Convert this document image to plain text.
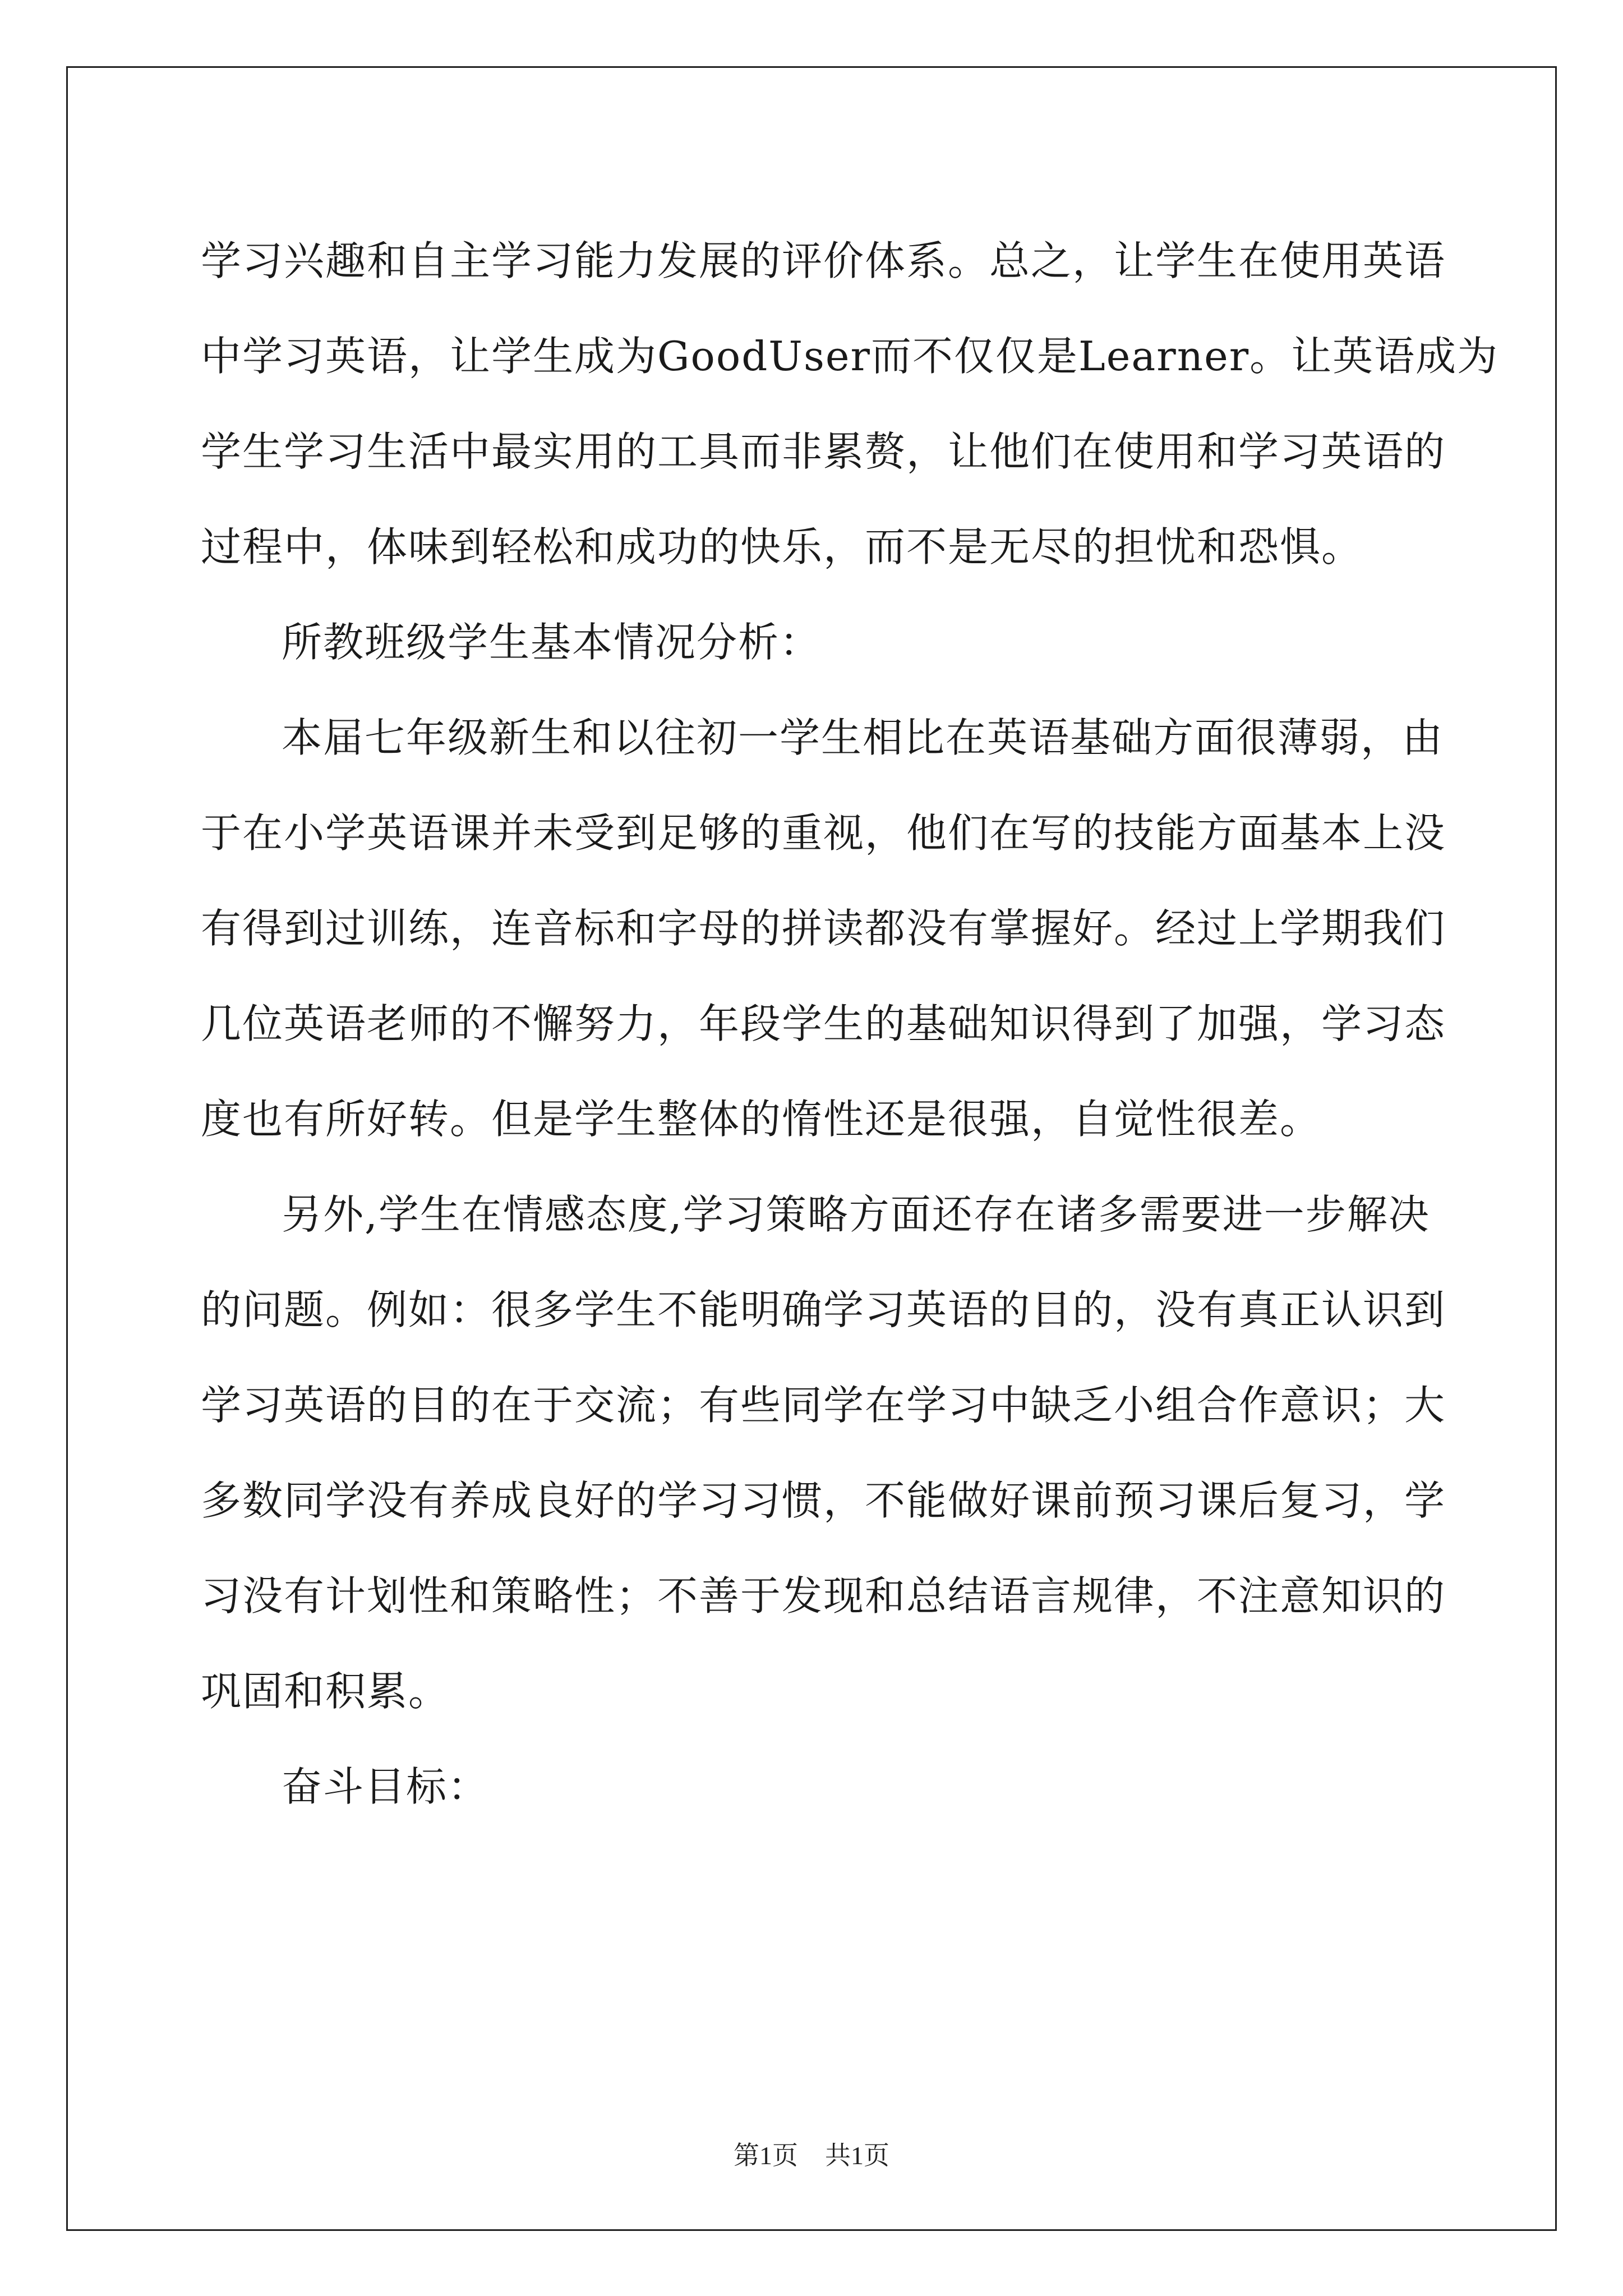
学习兴趣和自主学习能力发展的评价体系。总之，让学生在使用英语
中学习英语，让学生成为GoodUser而不仅仅是Learner。让英语成为
学生学习生活中最实用的工具而非累赘，让他们在使用和学习英语的
过程中，体味到轻松和成功的快乐，而不是无尽的担忧和恐惧。
所教班级学生基本情况分析：
本届七年级新生和以往初一学生相比在英语基础方面很薄弱，由
于在小学英语课并未受到足够的重视，他们在写的技能方面基本上没
有得到过训练，连音标和字母的拼读都没有掌握好。经过上学期我们
几位英语老师的不懈努力，年段学生的基础知识得到了加强，学习态
度也有所好转。但是学生整体的惰性还是很强，自觉性很差。
另外,学生在情感态度,学习策略方面还存在诸多需要进一步解决
的问题。例如：很多学生不能明确学习英语的目的，没有真正认识到
学习英语的目的在于交流；有些同学在学习中缺乏小组合作意识；大
多数同学没有养成良好的学习习惯，不能做好课前预习课后复习，学
习没有计划性和策略性；不善于发现和总结语言规律，不注意知识的
巩固和积累。
奋斗目标：
第1页 共1页
